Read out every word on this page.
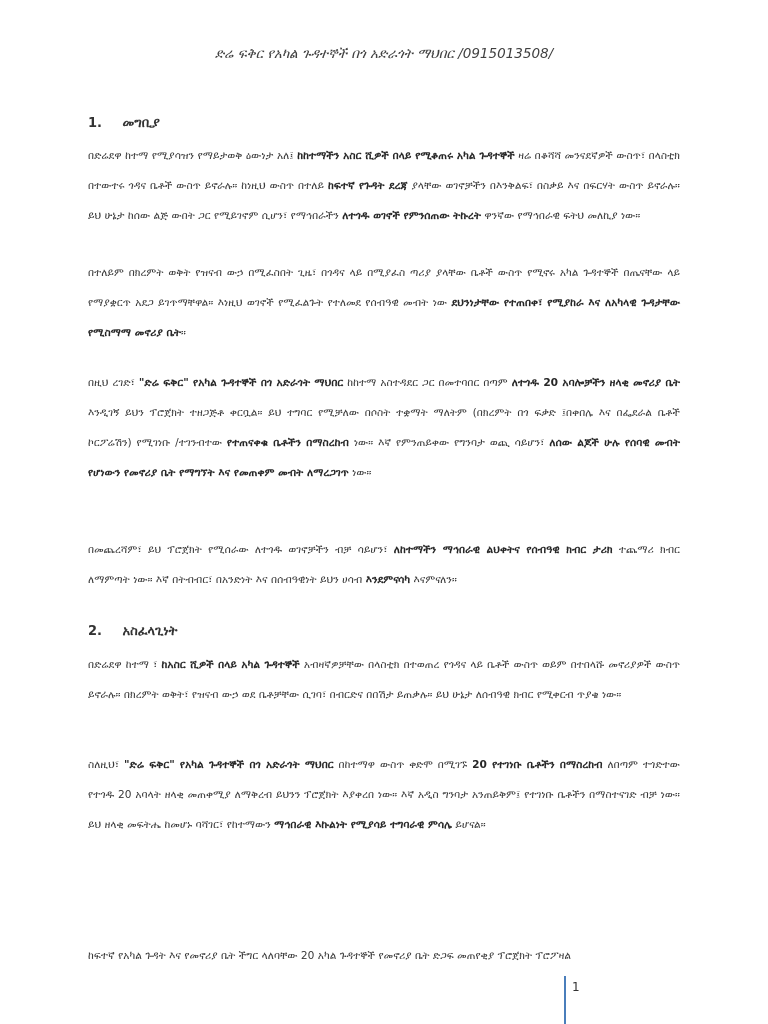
ድሬ ፍቅር የአካል ጉዳተኞች በጎ አድራጎት ማህበር /0915013508/
1. መግቢያ

በድሬደዋ ከተማ የሚያሳዝን የማይታወቅ ዕውነታ አለ፤ ከከተማችን አስር ሺዎች በላይ የሚቆጠሩ አካል ጉዳተኞች ዛሬ በቆሻሻ መንናደኛዎች ውስጥ፣ በላስቲክ በተውተሩ ጎዳና ቤቶች ውስጥ ይኖራሉ። ከነዚህ ውስጥ በተለይ ከፍተኛ የጉዳት ደረጃ ያላቸው ወገኖቻችን በእንቅልፍ፣ በስቃይ እና በፍርሃት ውስጥ ይኖራሉ። ይህ ሁኔታ ከሰው ልጅ ውበት ጋር የሚይገኖም ሲሆን፣ የማኅበራችን ለተጎዱ ወገኖች የምንሰጠው ትኩረት ዋንኛው የማኅበራዊ ፍትህ መለኪያ ነው።

በተለይም በክረምት ወቅት የዝናብ ውኃ በሚፈስበት ጊዜ፣ በጎዳና ላይ በሚያፈስ ጣሪያ ያላቸው ቤቶች ውስጥ የሚኖሩ አካል ጉዳተኞች በጤናቸው ላይ የማያቋርጥ አደጋ ይገጥማቸዋል። እነዚህ ወገኖች የሚፈልጉት የተለመደ የሰብዓዊ መብት ነው ደህንነታቸው የተጠበቀ፣ የሚያከራ እና ለአካላዊ ጉዳታቸው የሚስማማ መኖሪያ ቤት።

በዚህ ረገድ፣ "ድሬ ፍቅር" የአካል ጉዳተኞች በጎ አድራጎት ማህበር ከከተማ አስተዳደር ጋር በመተባበር በጣም ለተጎዱ 20 አባሎቻችን ዘላቂ መኖሪያ ቤት እንዲገኝ ይህን ፕሮጀክት ተዘጋጅቶ ቀርቧል። ይህ ተግባር የሚቻለው በሶስት ተቋማት ማለትም (በክረምት በጎ ፍቃድ ፤በቀበሌ እና በፌደራል ቤቶች ኮርፖሬሽን) የሚገነቡ /ተገንብተው የተጠናቀቁ ቤቶችን በማስረከብ ነው። እኛ የምንጠይቀው የግንባታ ወጪ ሳይሆን፣ ለሰው ልጆች ሁሉ የሰባዊ መብት የሆነውን የመኖሪያ ቤት የማግኘት እና የመጠቀም መብት ለማረጋገጥ ነው።

በመጨረሻም፣ ይህ ፕሮጀክት የሚሰራው ለተጎዱ ወገኖቻችን ብቻ ሳይሆን፣ ለከተማችን ማኅበራዊ ልህቀትና የሰብዓዊ ክብር ታሪክ ተጨማሪ ክብር ለማምጣት ነው። እኛ በትብብር፣ በአንድነት እና በሰብዓዊነት ይህን ሀሳብ እንደምናሳካ እናምናለን።

2. አስፈላጊነት

በድሬደዋ ከተማ ፣ ከአስር ሺዎች በላይ አካል ጉዳተኞች አብዛኛዎቻቸው በላስቲክ በተወጠረ የጎዳና ላይ ቤቶች ውስጥ ወይም በተበላሹ መኖሪያዎች ውስጥ ይኖራሉ። በክረምት ወቅት፣ የዝናብ ውኃ ወደ ቤቶቻቸው ሲገባ፣ በብርድና በበሽታ ይጠቃሉ። ይህ ሁኔታ ለሰብዓዊ ክብር የሚቀርብ ጥያቄ ነው።

ስለዚህ፣ "ድሬ ፍቅር" የአካል ጉዳተኞች በጎ አድራጎት ማህበር በከተማዋ ውስጥ ቀድሞ በሚገኙ 20 የተገነቡ ቤቶችን በማስረከብ ለበጣም ተጎድተው የተጎዱ 20 አባላት ዘላቂ መጠቀሚያ ለማቅረብ ይህንን ፕሮጀክት እያቀረበ ነው። እኛ አዲስ ግንባታ አንጠይቅም፤ የተገነቡ ቤቶችን በማስተናገድ ብቻ ነው። ይህ ዘላቂ መፍትሔ ከመሆኑ ባሻገር፣ የከተማውን ማኅበራዊ እኩልነት የሚያሳይ ተግባራዊ ምሳሌ ይሆናል።

ከፍተኛ የአካል ጉዳት እና የመኖሪያ ቤት ችግር ላለባቸው 20 አካል ጉዳተኞች የመኖሪያ ቤት ድጋፍ መጠየቂያ ፕሮጀክት ፕሮፖዛል

1
